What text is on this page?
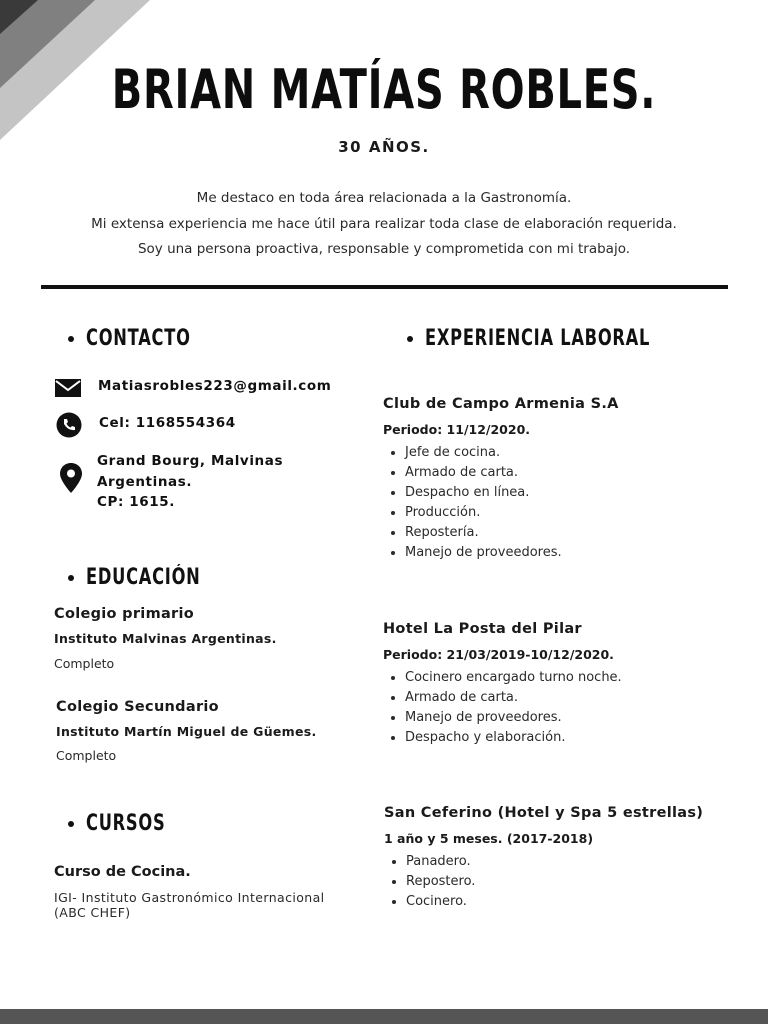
BRIAN MATÍAS ROBLES.
30 AÑOS.
Me destaco en toda área relacionada a la Gastronomía.
Mi extensa experiencia me hace útil para realizar toda clase de elaboración requerida.
Soy una persona proactiva, responsable y comprometida con mi trabajo.
CONTACTO
Matiasrobles223@gmail.com
Cel: 1168554364
Grand Bourg, Malvinas
Argentinas.
CP: 1615.
EDUCACIÓN
Colegio primario
Instituto Malvinas Argentinas.
Completo
Colegio Secundario
Instituto Martín Miguel de Güemes.
Completo
CURSOS
Curso de Cocina.
IGI- Instituto Gastronómico Internacional (ABC CHEF)
EXPERIENCIA LABORAL
Club de Campo Armenia S.A
Periodo: 11/12/2020.
Jefe de cocina.
Armado de carta.
Despacho en línea.
Producción.
Repostería.
Manejo de proveedores.
Hotel La Posta del Pilar
Periodo: 21/03/2019-10/12/2020.
Cocinero encargado turno noche.
Armado de carta.
Manejo de proveedores.
Despacho y elaboración.
San Ceferino (Hotel y Spa 5 estrellas)
1 año y 5 meses. (2017-2018)
Panadero.
Repostero.
Cocinero.
